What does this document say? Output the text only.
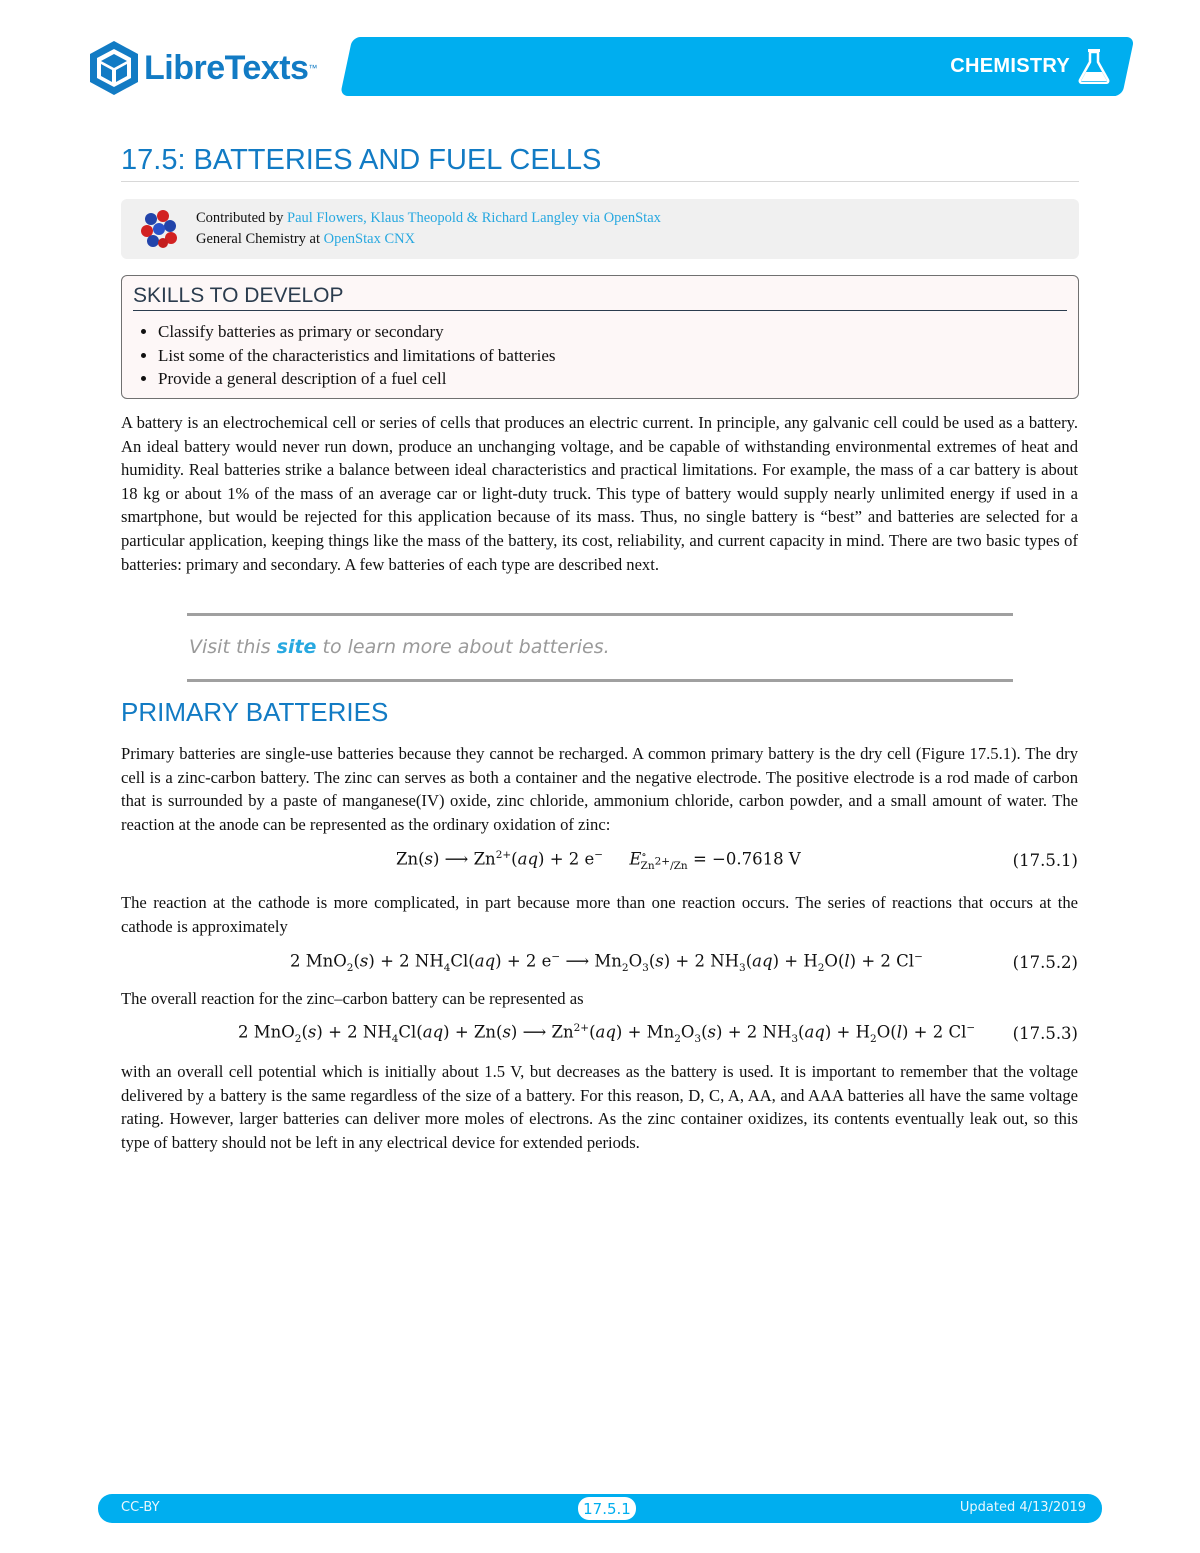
LibreTexts ™	CHEMISTRY
17.5: BATTERIES AND FUEL CELLS
Contributed by Paul Flowers, Klaus Theopold & Richard Langley via OpenStax
General Chemistry at OpenStax CNX
SKILLS TO DEVELOP
• Classify batteries as primary or secondary
• List some of the characteristics and limitations of batteries
• Provide a general description of a fuel cell

A battery is an electrochemical cell or series of cells that produces an electric current. In principle, any galvanic cell could be used as a battery. An ideal battery would never run down, produce an unchanging voltage, and be capable of withstanding environmental extremes of heat and humidity. Real batteries strike a balance between ideal characteristics and practical limitations. For example, the mass of a car battery is about 18 kg or about 1% of the mass of an average car or light-duty truck. This type of battery would supply nearly unlimited energy if used in a smartphone, but would be rejected for this application because of its mass. Thus, no single battery is “best” and batteries are selected for a particular application, keeping things like the mass of the battery, its cost, reliability, and current capacity in mind. There are two basic types of batteries: primary and secondary. A few batteries of each type are described next.

Visit this site to learn more about batteries.
PRIMARY BATTERIES

Primary batteries are single-use batteries because they cannot be recharged. A common primary battery is the dry cell (Figure 17.5.1). The dry cell is a zinc-carbon battery. The zinc can serves as both a container and the negative electrode. The positive electrode is a rod made of carbon that is surrounded by a paste of manganese(IV) oxide, zinc chloride, ammonium chloride, carbon powder, and a small amount of water. The reaction at the anode can be represented as the ordinary oxidation of zinc:

Zn(s) ⟶ $Zn^{2+}(aq) + 2$ e− $E^\circ_{Zn^{2+}/Zn} = -0.7618$ V	(17.5.1)

The reaction at the cathode is more complicated, in part because more than one reaction occurs. The series of reactions that occurs at the cathode is approximately

2 MnO$_2$(s) + 2 $NH_4Cl(aq) + 2$ e− ⟶ $Mn_2O_3(s) + 2$ $NH_3(aq) + H_2O(l) + 2$ Cl−	(17.5.2)

The overall reaction for the zinc–carbon battery can be represented as

2 MnO$_2$(s) + 2 $NH_4Cl(aq) + Zn(s)$ ⟶ $Zn^{2+}(aq) + Mn_2O_3(s) + 2$ $NH_3(aq) + H_2O(l) + 2$ Cl− (17.5.3)

with an overall cell potential which is initially about 1.5 V, but decreases as the battery is used. It is important to remember that the voltage delivered by a battery is the same regardless of the size of a battery. For this reason, D, C, A, AA, and AAA batteries all have the same voltage rating. However, larger batteries can deliver more moles of electrons. As the zinc container oxidizes, its contents eventually leak out, so this type of battery should not be left in any electrical device for extended periods.

CC-BY	17.5.1	Updated 4/13/2019
